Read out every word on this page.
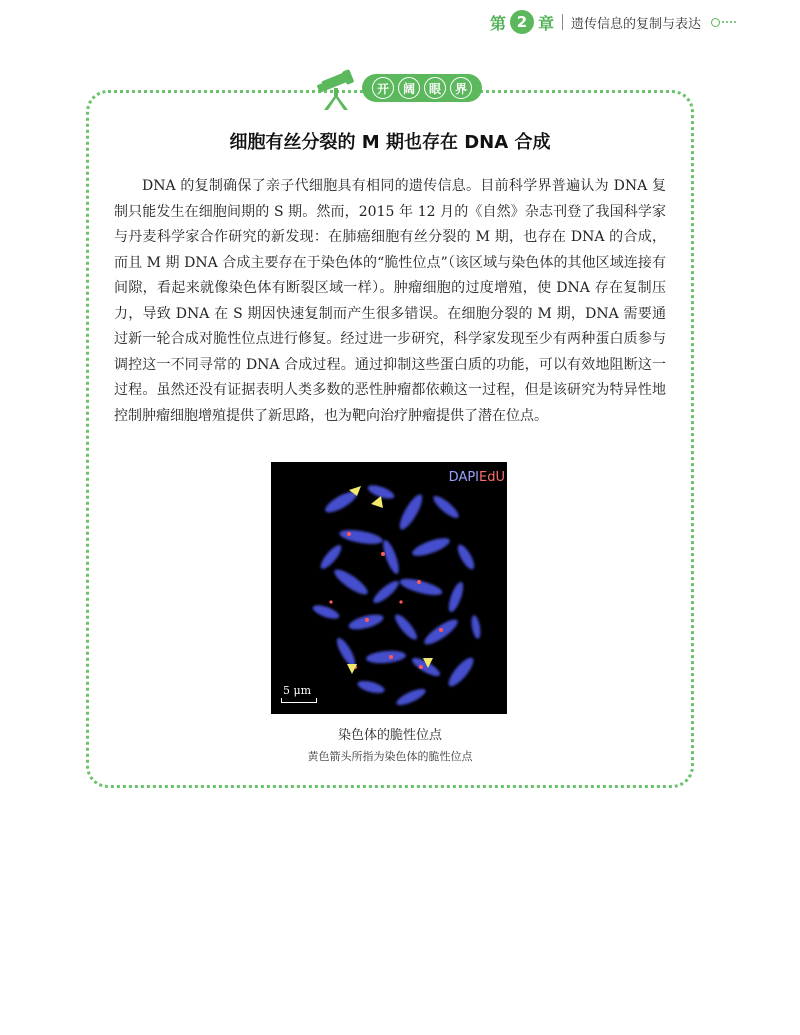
第 2 章 遗传信息的复制与表达
开	阔	眼	界
细胞有丝分裂的 M 期也存在 DNA 合成

DNA 的复制确保了亲子代细胞具有相同的遗传信息。目前科学界普遍认为 DNA 复制只能发生在细胞间期的 S 期。然而，2015 年 12 月的《自然》杂志刊登了我国科学家与丹麦科学家合作研究的新发现：在肺癌细胞有丝分裂的 M 期，也存在 DNA 的合成，而且 M 期 DNA 合成主要存在于染色体的“脆性位点”（该区域与染色体的其他区域连接有间隙，看起来就像染色体有断裂区域一样）。肿瘤细胞的过度增殖，使 DNA 存在复制压力，导致 DNA 在 S 期因快速复制而产生很多错误。在细胞分裂的 M 期，DNA 需要通过新一轮合成对脆性位点进行修复。经过进一步研究，科学家发现至少有两种蛋白质参与调控这一不同寻常的 DNA 合成过程。通过抑制这些蛋白质的功能，可以有效地阻断这一过程。虽然还没有证据表明人类多数的恶性肿瘤都依赖这一过程，但是该研究为特异性地控制肿瘤细胞增殖提供了新思路，也为靶向治疗肿瘤提供了潜在位点。

DAPIEdU
5 μm
染色体的脆性位点
黄色箭头所指为染色体的脆性位点
